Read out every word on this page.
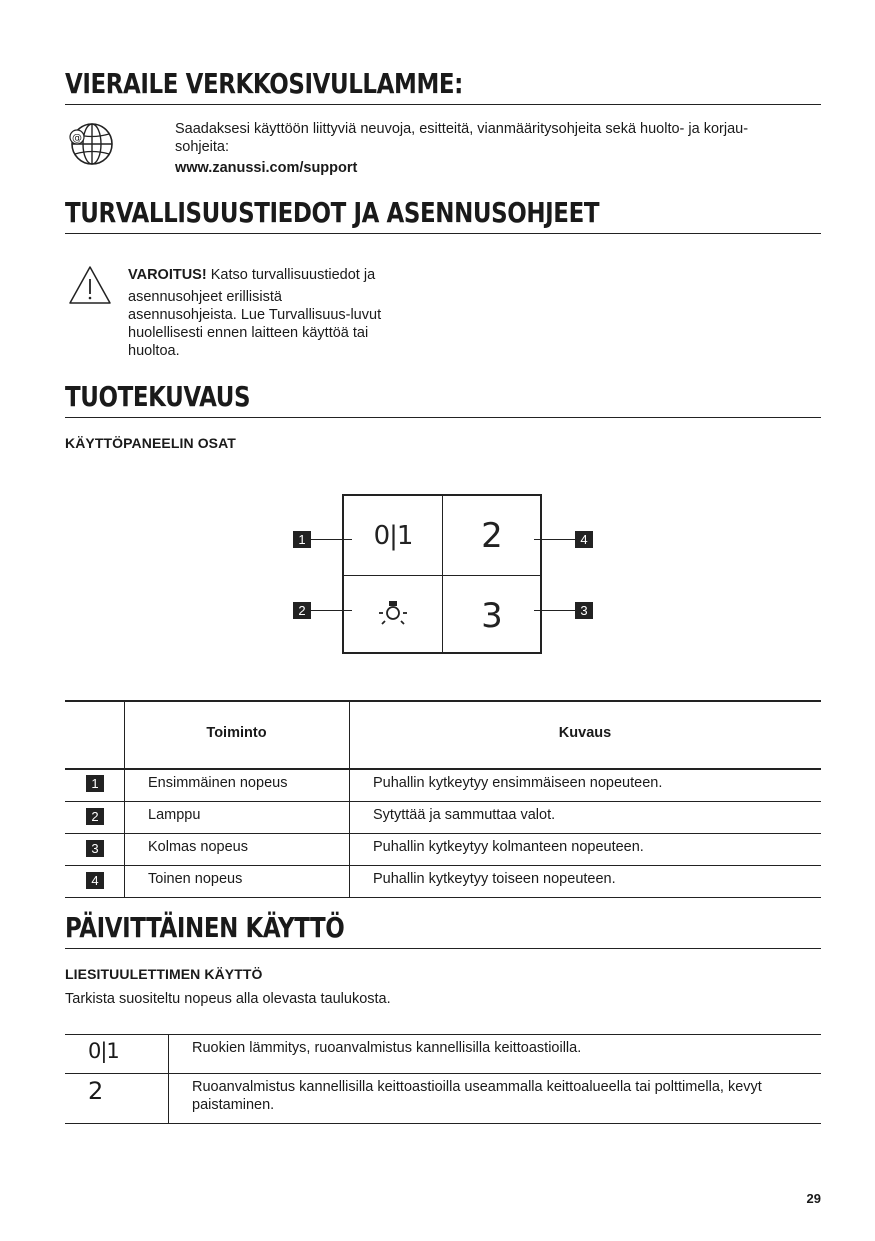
VIERAILE VERKKOSIVULLAMME:
@
Saadaksesi käyttöön liittyviä neuvoja, esitteitä, vianmääritysohjeita sekä huolto- ja korjau-
sohjeita:
www.zanussi.com/support
TURVALLISUUSTIEDOT JA ASENNUSOHJEET
VAROITUS! Katso turvallisuustiedot ja
asennusohjeet erillisistä
asennusohjeista. Lue Turvallisuus-luvut
huolellisesti ennen laitteen käyttöä tai
huoltoa.
TUOTEKUVAUS
KÄYTTÖPANEELIN OSAT
0|1 2
3
1
2
4
3
Toiminto	Kuvaus
1	Ensimmäinen nopeus	Puhallin kytkeytyy ensimmäiseen nopeuteen.
2	Lamppu	Sytyttää ja sammuttaa valot.
3	Kolmas nopeus	Puhallin kytkeytyy kolmanteen nopeuteen.
4	Toinen nopeus	Puhallin kytkeytyy toiseen nopeuteen.
PÄIVITTÄINEN KÄYTTÖ
LIESITUULETTIMEN KÄYTTÖ
Tarkista suositeltu nopeus alla olevasta taulukosta.
0|1	Ruokien lämmitys, ruoanvalmistus kannellisilla keittoastioilla.
2	Ruoanvalmistus kannellisilla keittoastioilla useammalla keittoalueella tai polttimella, kevyt
paistaminen.
29
